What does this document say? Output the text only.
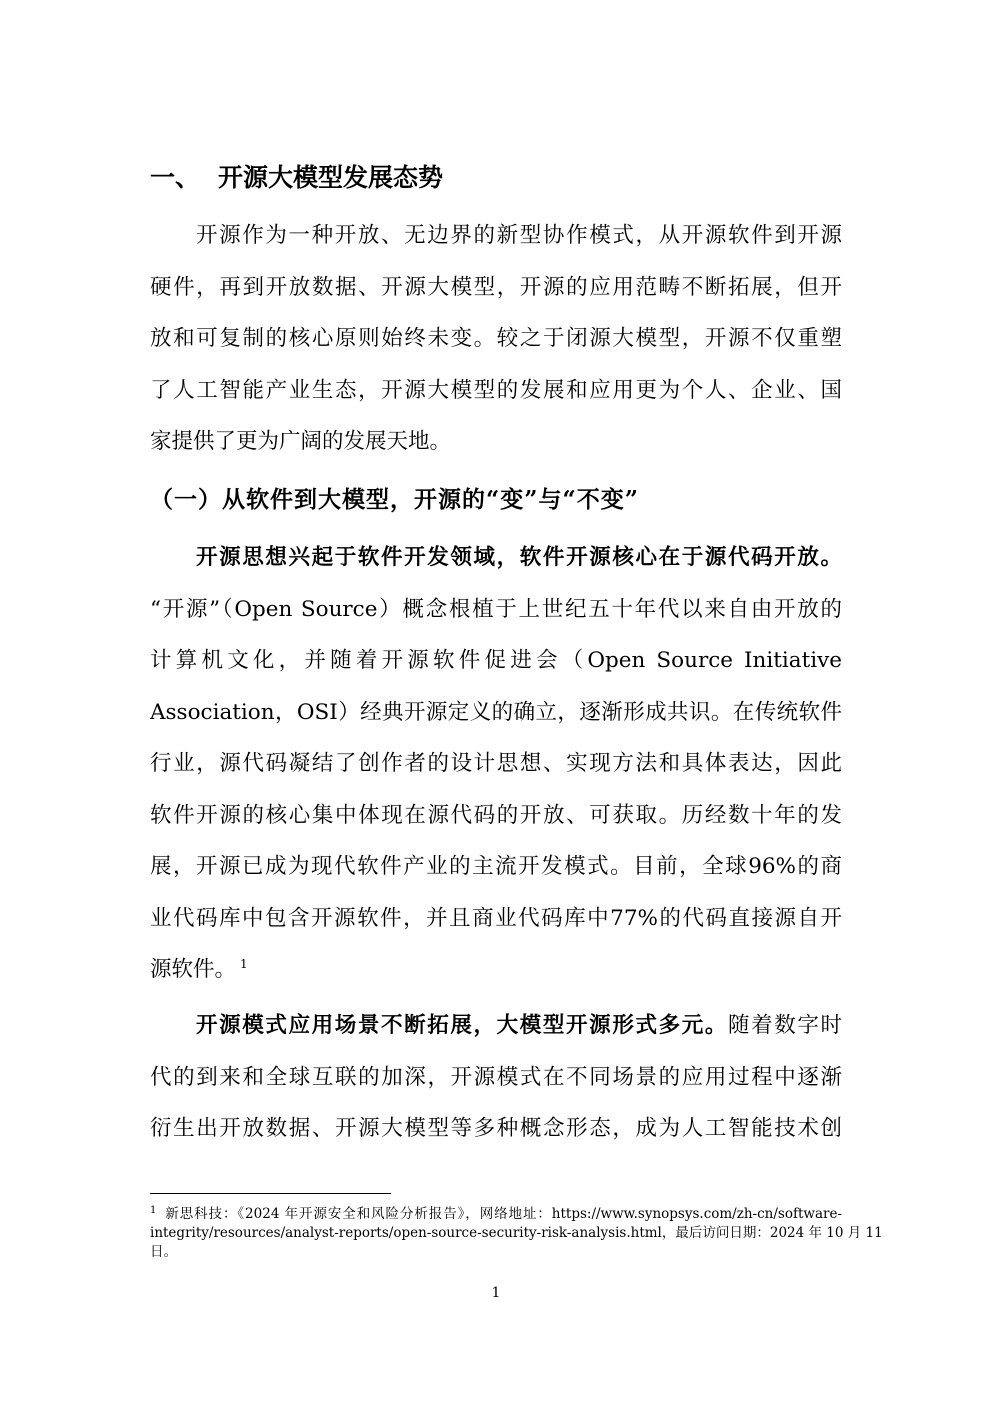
一、 开源大模型发展态势

开源作为一种开放、无边界的新型协作模式，从开源软件到开源
硬件，再到开放数据、开源大模型，开源的应用范畴不断拓展，但开
放和可复制的核心原则始终未变。较之于闭源大模型，开源不仅重塑
了人工智能产业生态，开源大模型的发展和应用更为个人、企业、国
家提供了更为广阔的发展天地。

（一）从软件到大模型，开源的“变”与“不变”

开源思想兴起于软件开发领域，软件开源核心在于源代码开放。
“开源”（Open Source）概念根植于上世纪五十年代以来自由开放的
计算机文化，并随着开源软件促进会（Open Source Initiative
Association，OSI）经典开源定义的确立，逐渐形成共识。在传统软件
行业，源代码凝结了创作者的设计思想、实现方法和具体表达，因此
软件开源的核心集中体现在源代码的开放、可获取。历经数十年的发
展，开源已成为现代软件产业的主流开发模式。目前，全球96%的商
业代码库中包含开源软件，并且商业代码库中77%的代码直接源自开
源软件。 $^1$

开源模式应用场景不断拓展，大模型开源形式多元。随着数字时
代的到来和全球互联的加深，开源模式在不同场景的应用过程中逐渐
衍生出开放数据、开源大模型等多种概念形态，成为人工智能技术创

$^1$ 新思科技：《2024 年开源安全和风险分析报告》，网络地址：https://www.synopsys.com/zh-cn/software-
integrity/resources/analyst-reports/open-source-security-risk-analysis.html，最后访问日期：2024 年 10 月 11
日。

1
